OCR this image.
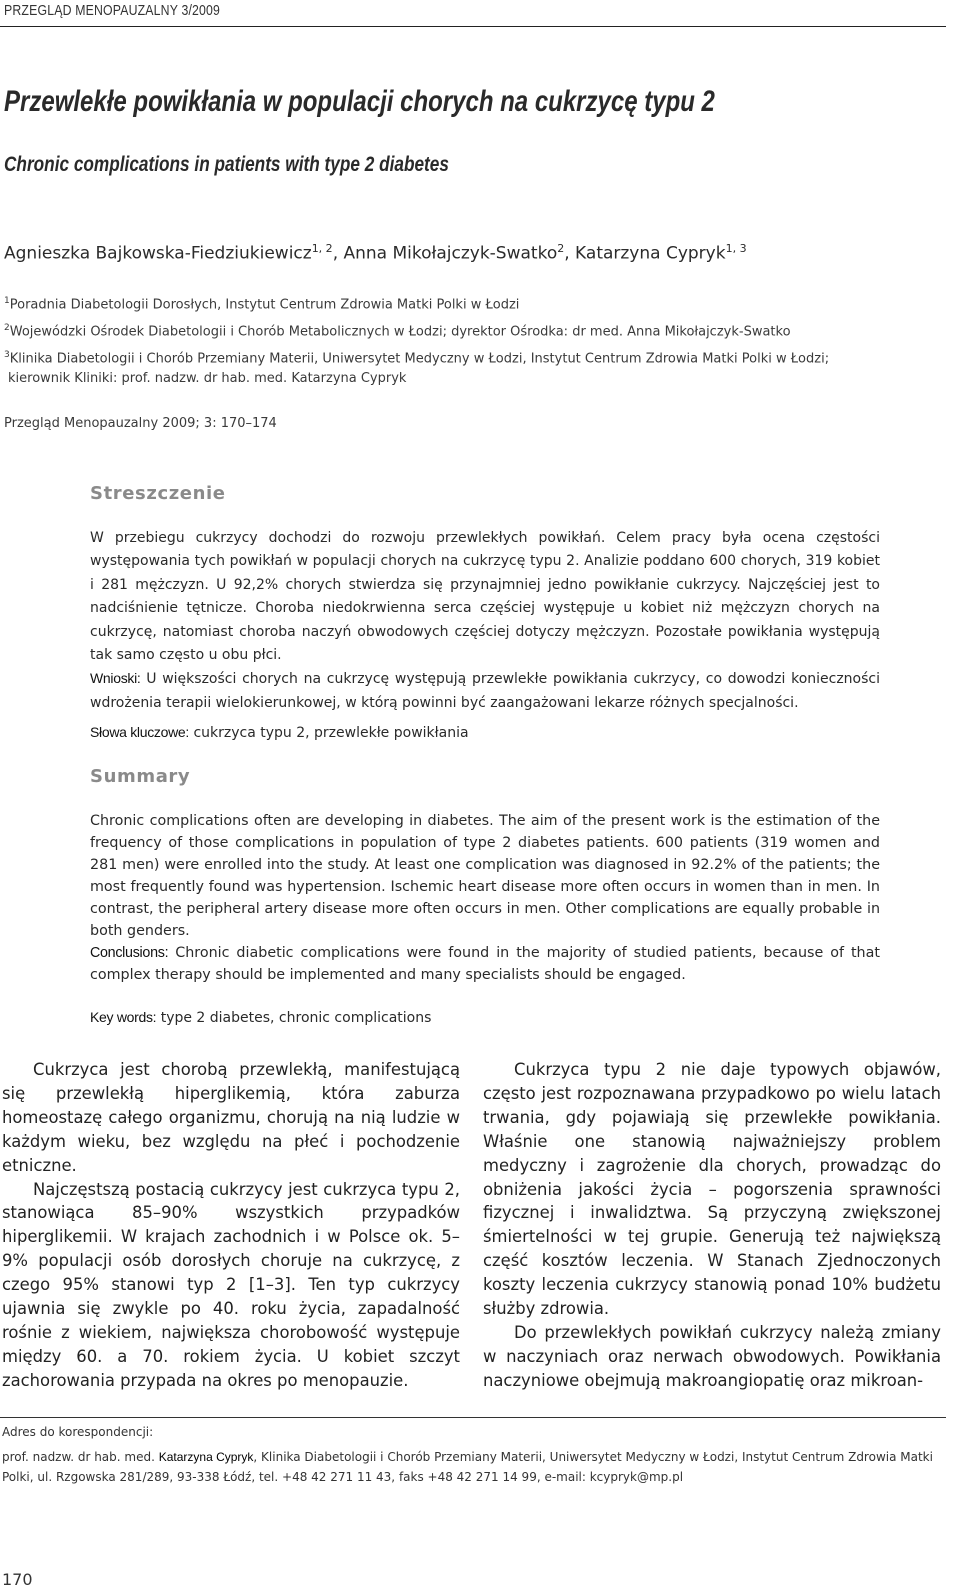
PRZEGLĄD MENOPAUZALNY 3/2009
Przewlekłe powikłania w populacji chorych na cukrzycę typu 2
Chronic complications in patients with type 2 diabetes
Agnieszka Bajkowska-Fiedziukiewicz$^{1, 2}$, Anna Mikołajczyk-Swatko$^2$, Katarzyna Cypryk$^{1, 3}$
$^1$Poradnia Diabetologii Dorosłych, Instytut Centrum Zdrowia Matki Polki w Łodzi
$^2$Wojewódzki Ośrodek Diabetologii i Chorób Metabolicznych w Łodzi; dyrektor Ośrodka: dr med. Anna Mikołajczyk-Swatko
$^3$Klinika Diabetologii i Chorób Przemiany Materii, Uniwersytet Medyczny w Łodzi, Instytut Centrum Zdrowia Matki Polki w Łodzi;
kierownik Kliniki: prof. nadzw. dr hab. med. Katarzyna Cypryk
Przegląd Menopauzalny 2009; 3: 170–174
Streszczenie
W przebiegu cukrzycy dochodzi do rozwoju przewlekłych powikłań. Celem pracy była ocena częstości występowania tych powikłań w populacji chorych na cukrzycę typu 2. Analizie poddano 600 chorych, 319 kobiet i 281 mężczyzn. U 92,2% chorych stwierdza się przynajmniej jedno powikłanie cukrzycy. Najczęściej jest to nadciśnienie tętnicze. Choroba niedokrwienna serca częściej występuje u kobiet niż mężczyzn chorych na cukrzycę, natomiast choroba naczyń obwodowych częściej dotyczy mężczyzn. Pozostałe powikłania występują tak samo często u obu płci.
Wnioski: U większości chorych na cukrzycę występują przewlekłe powikłania cukrzycy, co dowodzi konieczności wdrożenia terapii wielokierunkowej, w którą powinni być zaangażowani lekarze różnych specjalności.
Słowa kluczowe: cukrzyca typu 2, przewlekłe powikłania
Summary
Chronic complications often are developing in diabetes. The aim of the present work is the estimation of the frequency of those complications in population of type 2 diabetes patients. 600 patients (319 women and 281 men) were enrolled into the study. At least one complication was diagnosed in 92.2% of the patients; the most frequently found was hypertension. Ischemic heart disease more often occurs in women than in men. In contrast, the peripheral artery disease more often occurs in men. Other complications are equally probable in both genders.
Conclusions: Chronic diabetic complications were found in the majority of studied patients, because of that complex therapy should be implemented and many specialists should be engaged.
Key words: type 2 diabetes, chronic complications

Cukrzyca jest chorobą przewlekłą, manifestującą się przewlekłą hiperglikemią, która zaburza homeostazę całego organizmu, chorują na nią ludzie w każdym wieku, bez względu na płeć i pochodzenie etniczne.

Najczęstszą postacią cukrzycy jest cukrzyca typu 2, stanowiąca 85–90% wszystkich przypadków hiperglikemii. W krajach zachodnich i w Polsce ok. 5–9% populacji osób dorosłych choruje na cukrzycę, z czego 95% stanowi typ 2 [1–3]. Ten typ cukrzycy ujawnia się zwykle po 40. roku życia, zapadalność rośnie z wiekiem, największa chorobowość występuje między 60. a 70. rokiem życia. U kobiet szczyt zachorowania przypada na okres po menopauzie.

Cukrzyca typu 2 nie daje typowych objawów, często jest rozpoznawana przypadkowo po wielu latach trwania, gdy pojawiają się przewlekłe powikłania. Właśnie one stanowią najważniejszy problem medyczny i zagrożenie dla chorych, prowadząc do obniżenia jakości życia – pogorszenia sprawności fizycznej i inwalidztwa. Są przyczyną zwiększonej śmiertelności w tej grupie. Generują też największą część kosztów leczenia. W Stanach Zjednoczonych koszty leczenia cukrzycy stanowią ponad 10% budżetu służby zdrowia.

Do przewlekłych powikłań cukrzycy należą zmiany w naczyniach oraz nerwach obwodowych. Powikłania naczyniowe obejmują makroangiopatię oraz mikroan-

Adres do korespondencji:
prof. nadzw. dr hab. med. Katarzyna Cypryk, Klinika Diabetologii i Chorób Przemiany Materii, Uniwersytet Medyczny w Łodzi, Instytut Centrum Zdrowia Matki Polki, ul. Rzgowska 281/289, 93-338 Łódź, tel. +48 42 271 11 43, faks +48 42 271 14 99, e-mail: kcypryk@mp.pl
170
